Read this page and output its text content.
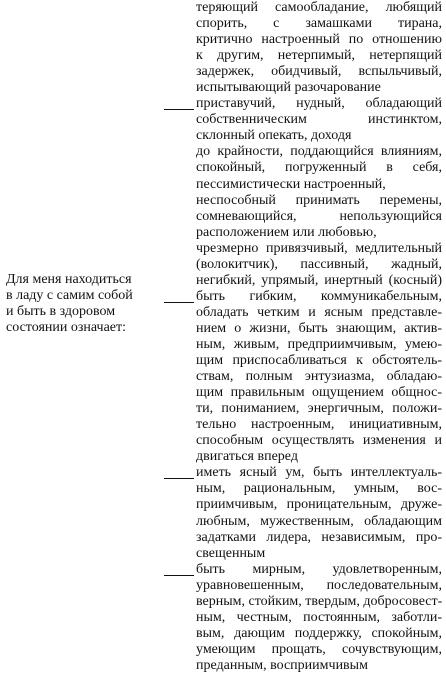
Для меня находиться
в ладу с самим собой
и быть в здоровом
состоянии означает:
теряющий самообладание, любящий
спорить, с замашками тирана,
критично настроенный по отношению
к другим, нетерпимый, нетерпящий
задержек, обидчивый, вспыльчивый,
испытывающий разочарование
приставучий, нудный, обладающий
собственническим инстинктом,
склонный опекать, доходя
до крайности, поддающийся влияниям,
спокойный, погруженный в себя,
пессимистически настроенный,
неспособный принимать перемены,
сомневающийся, непользующийся
расположением или любовью,
чрезмерно привязчивый, медлительный
(волокитчик), пассивный, жадный,
негибкий, упрямый, инертный (косный)
быть гибким, коммуникабельным,
обладать четким и ясным представле-
нием о жизни, быть знающим, актив-
ным, живым, предприимчивым, умею-
щим приспосабливаться к обстоятель-
ствам, полным энтузиазма, обладаю-
щим правильным ощущением общнос-
ти, пониманием, энергичным, положи-
тельно настроенным, инициативным,
способным осуществлять изменения и
двигаться вперед
иметь ясный ум, быть интеллектуаль-
ным, рациональным, умным, вос-
приимчивым, проницательным, друже-
любным, мужественным, обладающим
задатками лидера, независимым, про-
свещенным
быть мирным, удовлетворенным,
уравновешенным, последовательным,
верным, стойким, твердым, добросовест-
ным, честным, постоянным, заботли-
вым, дающим поддержку, спокойным,
умеющим прощать, сочувствующим,
преданным, восприимчивым
